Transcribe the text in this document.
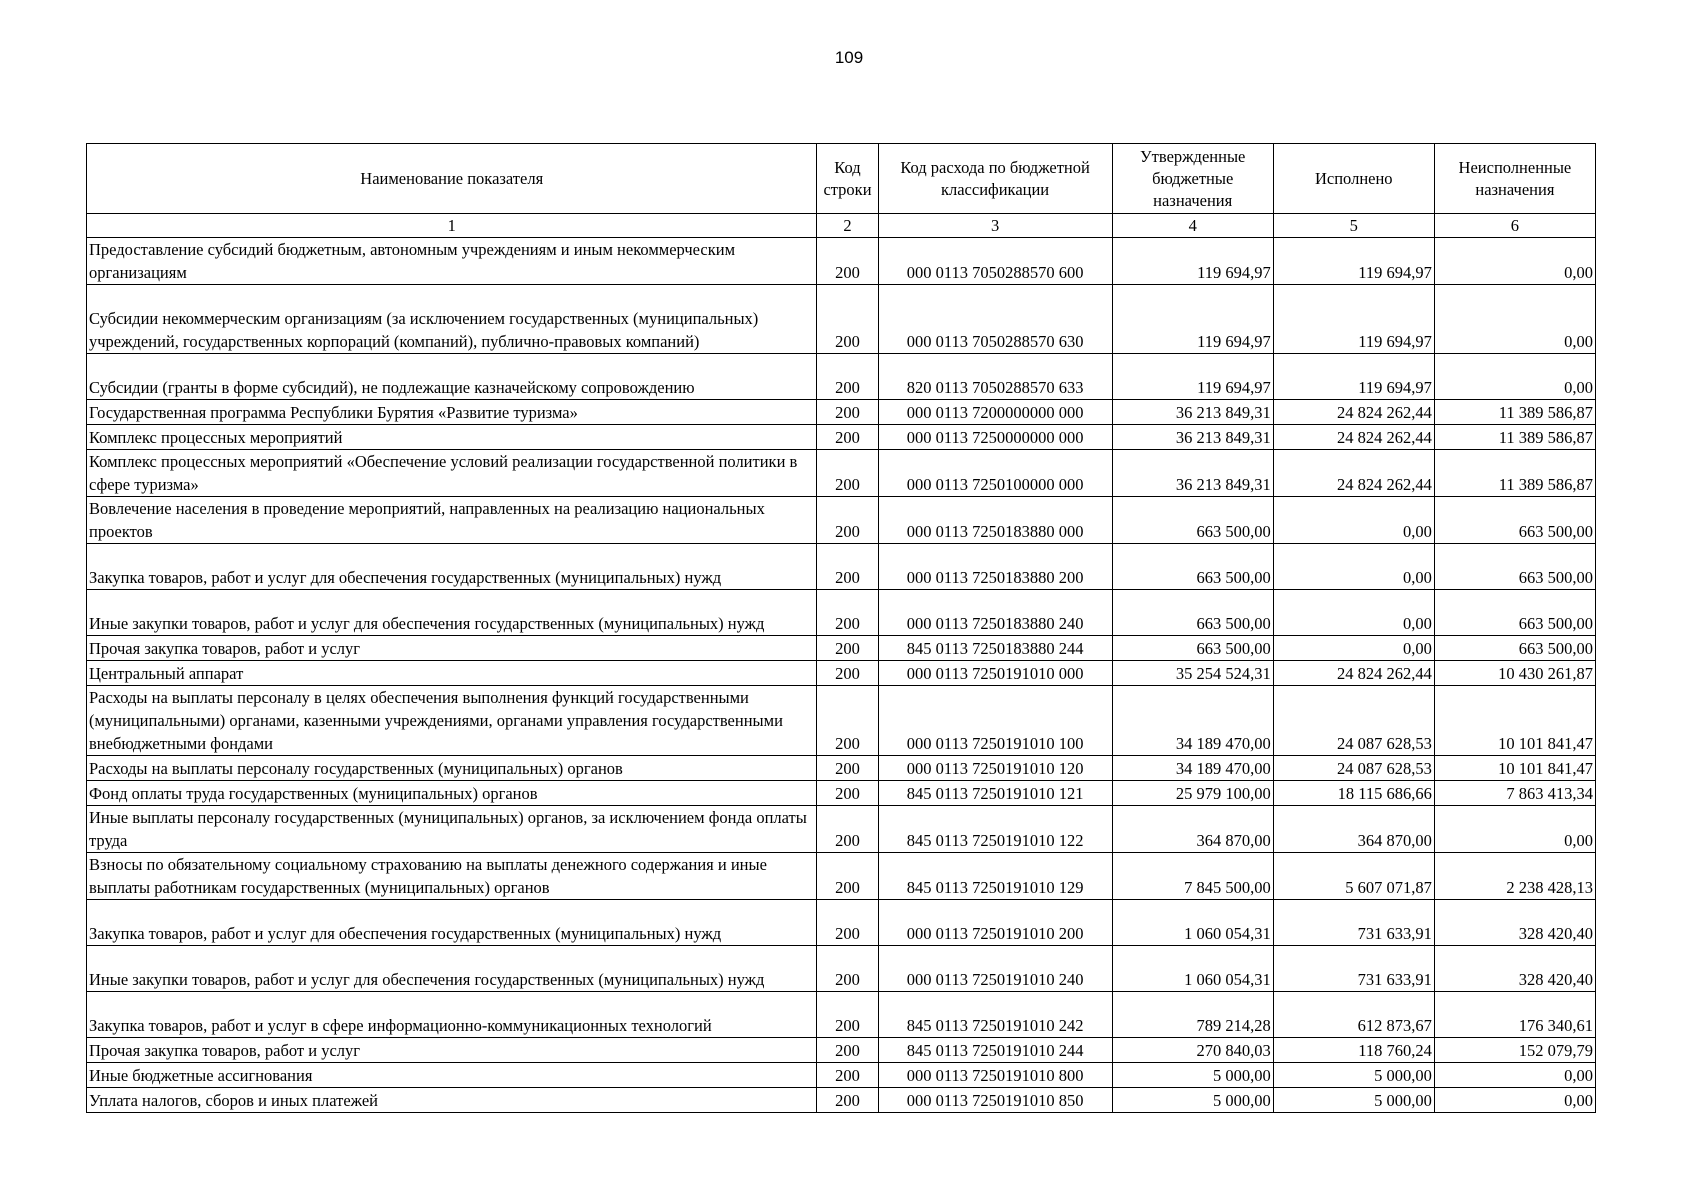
109
Наименование показателя	Код строки	Код расхода по бюджетной классификации	Утвержденные бюджетные назначения	Исполнено	Неисполненные назначения
1	2	3	4	5	6
Предоставление субсидий бюджетным, автономным учреждениям и иным некоммерческим организациям	200	000 0113 7050288570 600	119 694,97	119 694,97	0,00
Субсидии некоммерческим организациям (за исключением государственных (муниципальных) учреждений, государственных корпораций (компаний), публично-правовых компаний)	200	000 0113 7050288570 630	119 694,97	119 694,97	0,00
Субсидии (гранты в форме субсидий), не подлежащие казначейскому сопровождению	200	820 0113 7050288570 633	119 694,97	119 694,97	0,00
Государственная программа Республики Бурятия «Развитие туризма»	200	000 0113 7200000000 000	36 213 849,31	24 824 262,44	11 389 586,87
Комплекс процессных мероприятий	200	000 0113 7250000000 000	36 213 849,31	24 824 262,44	11 389 586,87
Комплекс процессных мероприятий «Обеспечение условий реализации государственной политики в сфере туризма»	200	000 0113 7250100000 000	36 213 849,31	24 824 262,44	11 389 586,87
Вовлечение населения в проведение мероприятий, направленных на реализацию национальных проектов	200	000 0113 7250183880 000	663 500,00	0,00	663 500,00
Закупка товаров, работ и услуг для обеспечения государственных (муниципальных) нужд	200	000 0113 7250183880 200	663 500,00	0,00	663 500,00
Иные закупки товаров, работ и услуг для обеспечения государственных (муниципальных) нужд	200	000 0113 7250183880 240	663 500,00	0,00	663 500,00
Прочая закупка товаров, работ и услуг	200	845 0113 7250183880 244	663 500,00	0,00	663 500,00
Центральный аппарат	200	000 0113 7250191010 000	35 254 524,31	24 824 262,44	10 430 261,87
Расходы на выплаты персоналу в целях обеспечения выполнения функций государственными (муниципальными) органами, казенными учреждениями, органами управления государственными внебюджетными фондами	200	000 0113 7250191010 100	34 189 470,00	24 087 628,53	10 101 841,47
Расходы на выплаты персоналу государственных (муниципальных) органов	200	000 0113 7250191010 120	34 189 470,00	24 087 628,53	10 101 841,47
Фонд оплаты труда государственных (муниципальных) органов	200	845 0113 7250191010 121	25 979 100,00	18 115 686,66	7 863 413,34
Иные выплаты персоналу государственных (муниципальных) органов, за исключением фонда оплаты труда	200	845 0113 7250191010 122	364 870,00	364 870,00	0,00
Взносы по обязательному социальному страхованию на выплаты денежного содержания и иные выплаты работникам государственных (муниципальных) органов	200	845 0113 7250191010 129	7 845 500,00	5 607 071,87	2 238 428,13
Закупка товаров, работ и услуг для обеспечения государственных (муниципальных) нужд	200	000 0113 7250191010 200	1 060 054,31	731 633,91	328 420,40
Иные закупки товаров, работ и услуг для обеспечения государственных (муниципальных) нужд	200	000 0113 7250191010 240	1 060 054,31	731 633,91	328 420,40
Закупка товаров, работ и услуг в сфере информационно-коммуникационных технологий	200	845 0113 7250191010 242	789 214,28	612 873,67	176 340,61
Прочая закупка товаров, работ и услуг	200	845 0113 7250191010 244	270 840,03	118 760,24	152 079,79
Иные бюджетные ассигнования	200	000 0113 7250191010 800	5 000,00	5 000,00	0,00
Уплата налогов, сборов и иных платежей	200	000 0113 7250191010 850	5 000,00	5 000,00	0,00
